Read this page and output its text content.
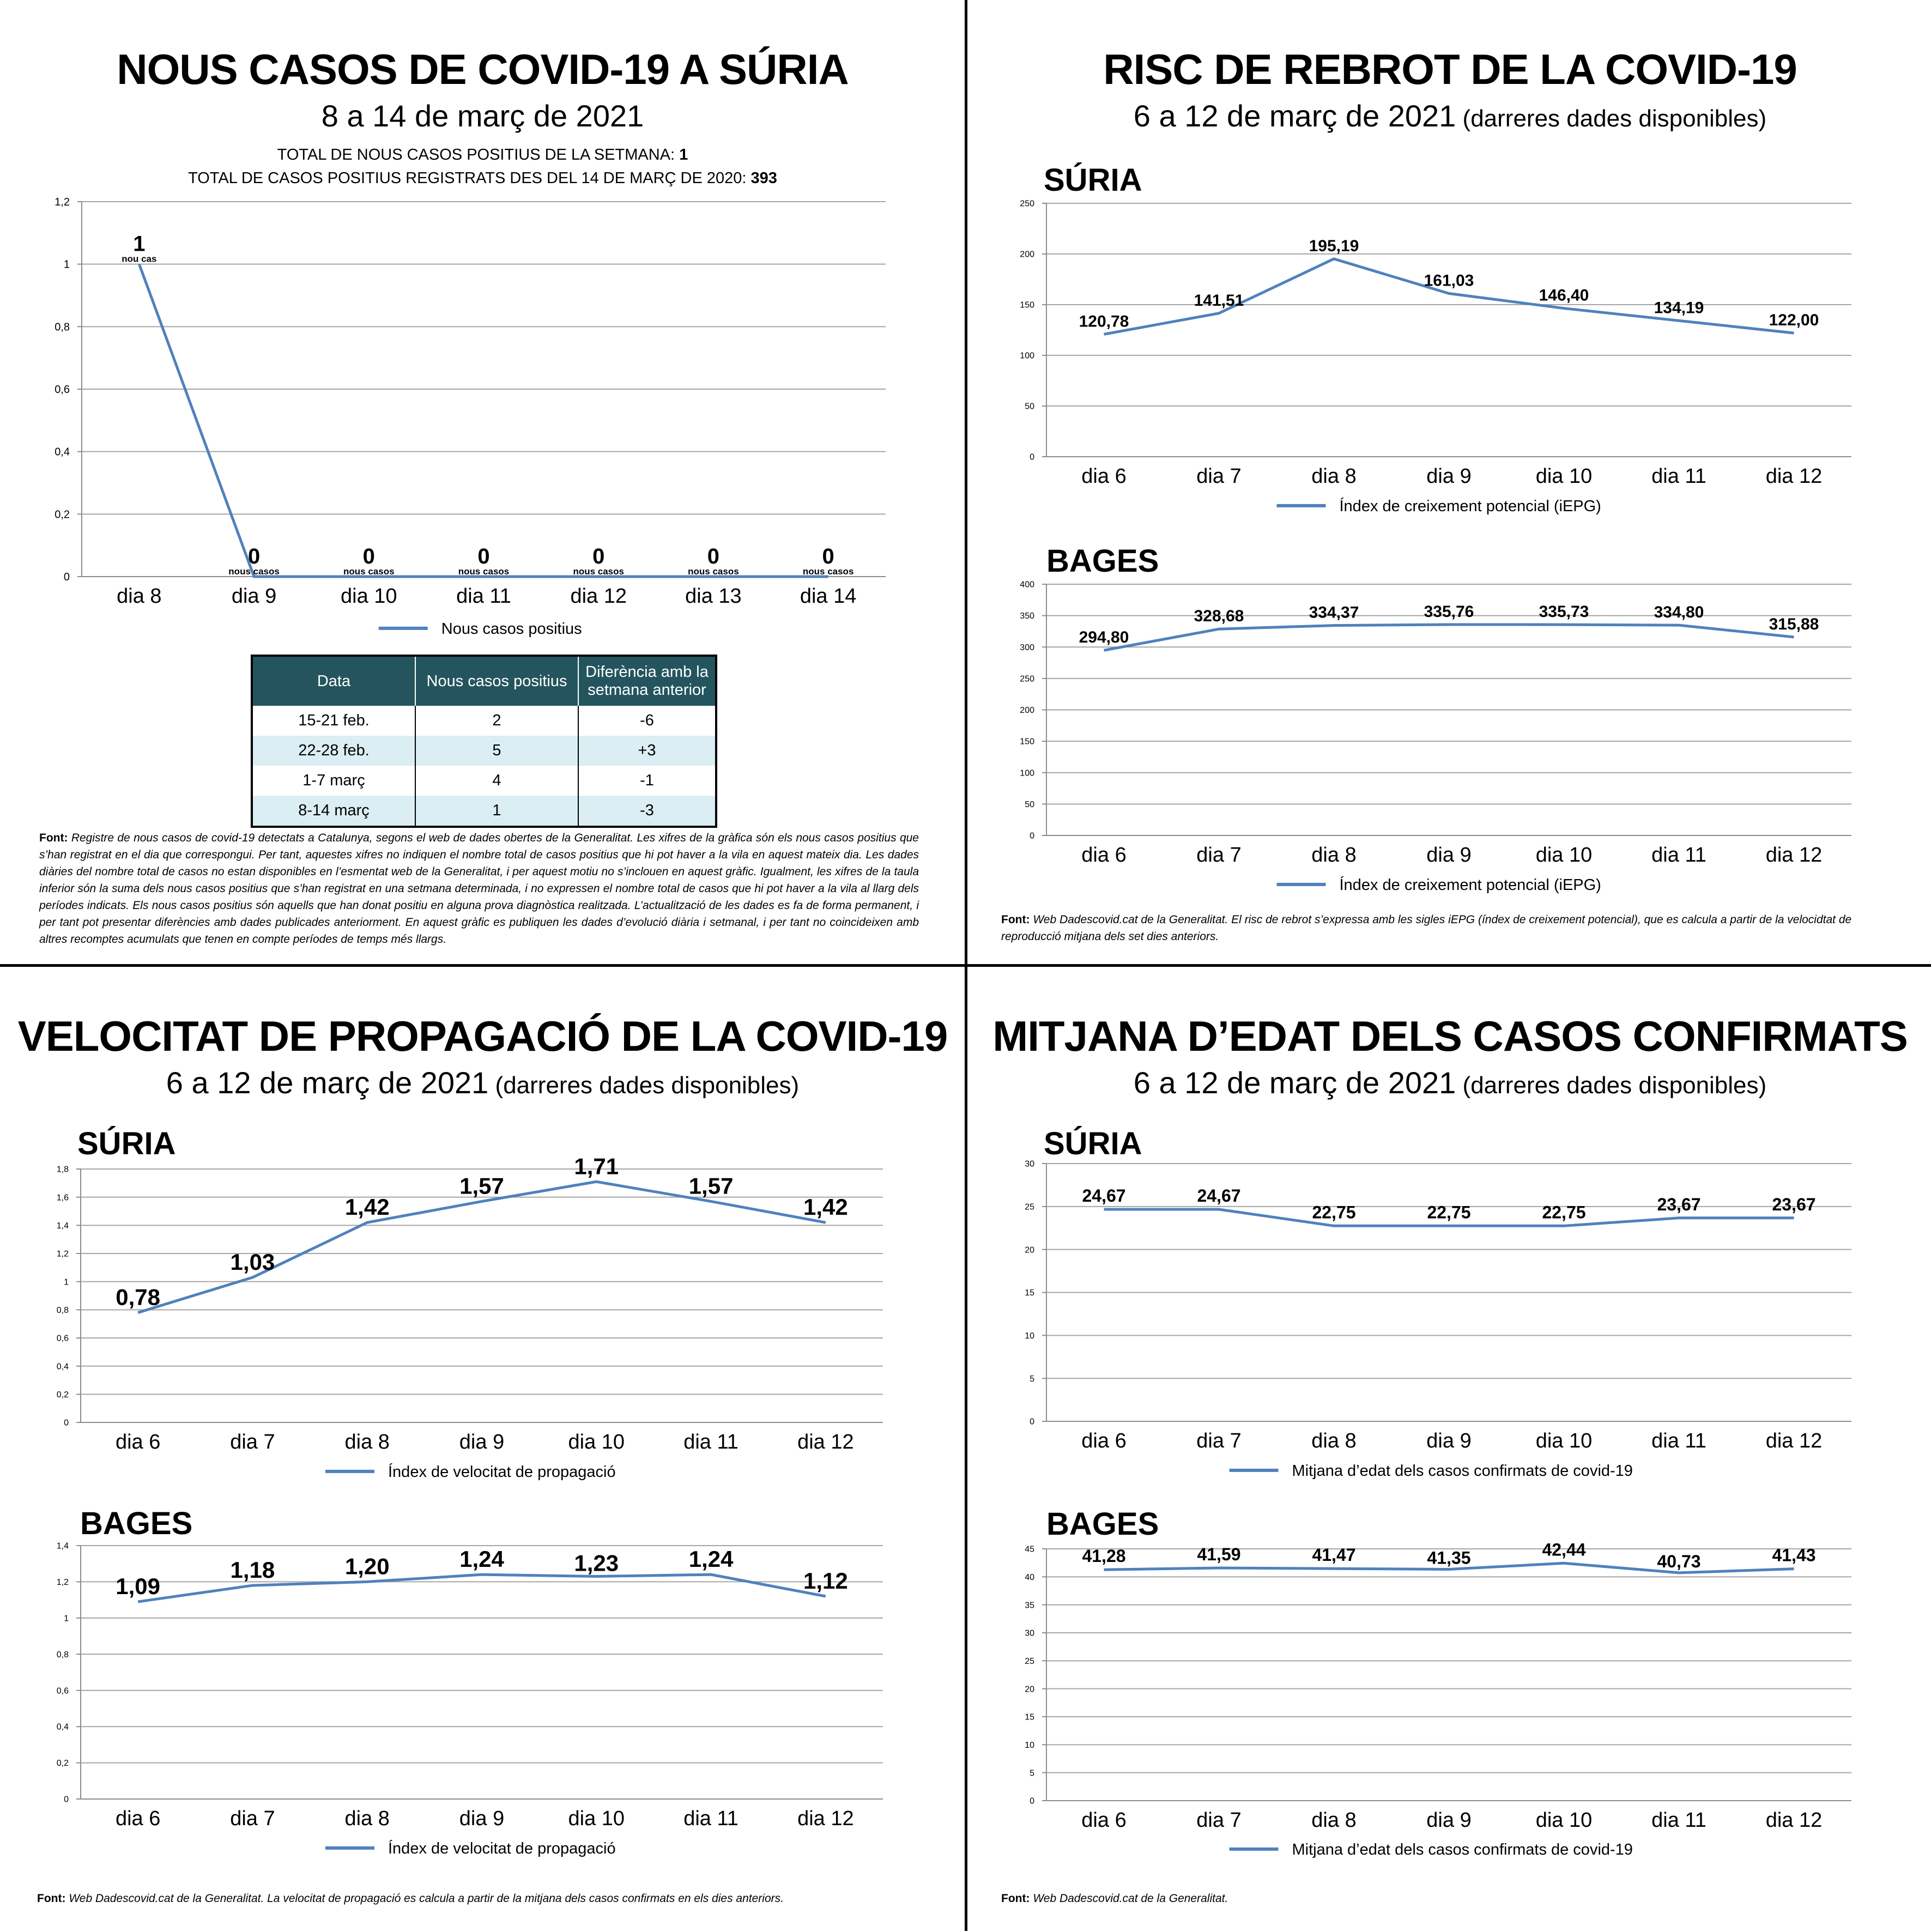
NOUS CASOS DE COVID-19 A SÚRIA
8 a 14 de març de 2021
TOTAL DE NOUS CASOS POSITIUS DE LA SETMANA: 1
TOTAL DE CASOS POSITIUS REGISTRATS DES DEL 14 DE MARÇ DE 2020: 393
0
0,2
0,4
0,6
0,8
1
1,2
dia 8	dia 9	dia 10	dia 11	dia 12	dia 13	dia 14
1
nou cas
0
nous casos
0
nous casos
0
nous casos
0
nous casos
0
nous casos
0
nous casos
Nous casos positius
Data	Nous casos positius	Diferència amb la setmana anterior
15-21 feb.	2	-6
22-28 feb.	5	+3
1-7 març	4	-1
8-14 març	1	-3
Font: Registre de nous casos de covid-19 detectats a Catalunya, segons el web de dades obertes de la Generalitat. Les xifres de la gràfica són els nous casos positius que s’han registrat en el dia que correspongui. Per tant, aquestes xifres no indiquen el nombre total de casos positius que hi pot haver a la vila en aquest mateix dia. Les dades diàries del nombre total de casos no estan disponibles en l’esmentat web de la Generalitat, i per aquest motiu no s’inclouen en aquest gràfic. Igualment, les xifres de la taula inferior són la suma dels nous casos positius que s’han registrat en una setmana determinada, i no expressen el nombre total de casos que hi pot haver a la vila al llarg dels períodes indicats. Els nous casos positius són aquells que han donat positiu en alguna prova diagnòstica realitzada. L’actualització de les dades es fa de forma permanent, i per tant pot presentar diferències amb dades publicades anteriorment. En aquest gràfic es publiquen les dades d’evolució diària i setmanal, i per tant no coincideixen amb altres recomptes acumulats que tenen en compte períodes de temps més llargs.
RISC DE REBROT DE LA COVID-19
6 a 12 de març de 2021 (darreres dades disponibles)
SÚRIA
0
50
100
150
200
250
dia 6	dia 7	dia 8	dia 9	dia 10	dia 11	dia 12
120,78
141,51
195,19
161,03
146,40
134,19
122,00
Índex de creixement potencial (iEPG)
BAGES
0
50
100
150
200
250
300
350
400
dia 6	dia 7	dia 8	dia 9	dia 10	dia 11	dia 12
294,80
328,68	334,37	335,76	335,73	334,80
315,88
Índex de creixement potencial (iEPG)
Font: Web Dadescovid.cat de la Generalitat. El risc de rebrot s’expressa amb les sigles iEPG (índex de creixement potencial), que es calcula a partir de la velocidtat de reproducció mitjana dels set dies anteriors.
VELOCITAT DE PROPAGACIÓ DE LA COVID-19
6 a 12 de març de 2021 (darreres dades disponibles)
SÚRIA
0
0,2
0,4
0,6
0,8
1
1,2
1,4
1,6
1,8
dia 6	dia 7	dia 8	dia 9	dia 10	dia 11	dia 12
0,78
1,03
1,42
1,57
1,71
1,57
1,42
Índex de velocitat de propagació
BAGES
0
0,2
0,4
0,6
0,8
1
1,2
1,4
dia 6	dia 7	dia 8	dia 9	dia 10	dia 11	dia 12
1,09
1,18	1,20	1,24	1,23	1,24
1,12
Índex de velocitat de propagació
Font: Web Dadescovid.cat de la Generalitat. La velocitat de propagació es calcula a partir de la mitjana dels casos confirmats en els dies anteriors.
MITJANA D’EDAT DELS CASOS CONFIRMATS
6 a 12 de març de 2021 (darreres dades disponibles)
SÚRIA
0
5
10
15
20
25
30
dia 6	dia 7	dia 8	dia 9	dia 10	dia 11	dia 12
24,67	24,67
22,75	22,75	22,75	23,67	23,67
Mitjana d’edat dels casos confirmats de covid-19
BAGES
0
5
10
15
20
25
30
35
40
45
dia 6	dia 7	dia 8	dia 9	dia 10	dia 11	dia 12
41,28	41,59	41,47	41,35	42,44
40,73	41,43
Mitjana d’edat dels casos confirmats de covid-19
Font: Web Dadescovid.cat de la Generalitat.
